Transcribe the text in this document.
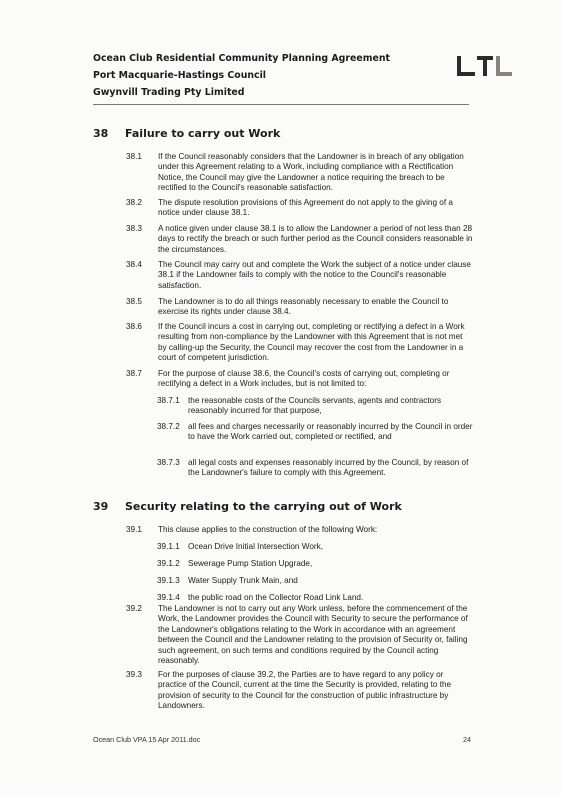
Ocean Club Residential Community Planning Agreement
Port Macquarie-Hastings Council
Gwynvill Trading Pty Limited
38 Failure to carry out Work
38.1 If the Council reasonably considers that the Landowner is in breach of any obligation under this Agreement relating to a Work, including compliance with a Rectification Notice, the Council may give the Landowner a notice requiring the breach to be rectified to the Council's reasonable satisfaction.
38.2 The dispute resolution provisions of this Agreement do not apply to the giving of a notice under clause 38.1.
38.3 A notice given under clause 38.1 is to allow the Landowner a period of not less than 28 days to rectify the breach or such further period as the Council considers reasonable in the circumstances.
38.4 The Council may carry out and complete the Work the subject of a notice under clause 38.1 if the Landowner fails to comply with the notice to the Council's reasonable satisfaction.
38.5 The Landowner is to do all things reasonably necessary to enable the Council to exercise its rights under clause 38.4.
38.6 If the Council incurs a cost in carrying out, completing or rectifying a defect in a Work resulting from non-compliance by the Landowner with this Agreement that is not met by calling-up the Security, the Council may recover the cost from the Landowner in a court of competent jurisdiction.
38.7 For the purpose of clause 38.6, the Council's costs of carrying out, completing or rectifying a defect in a Work includes, but is not limited to:
38.7.1 the reasonable costs of the Councils servants, agents and contractors reasonably incurred for that purpose,
38.7.2 all fees and charges necessarily or reasonably incurred by the Council in order to have the Work carried out, completed or rectified, and
38.7.3 all legal costs and expenses reasonably incurred by the Council, by reason of the Landowner's failure to comply with this Agreement.
39 Security relating to the carrying out of Work
39.1 This clause applies to the construction of the following Work:
39.1.1 Ocean Drive Initial Intersection Work,
39.1.2 Sewerage Pump Station Upgrade,
39.1.3 Water Supply Trunk Main, and
39.1.4 the public road on the Collector Road Link Land.
39.2 The Landowner is not to carry out any Work unless, before the commencement of the Work, the Landowner provides the Council with Security to secure the performance of the Landowner's obligations relating to the Work in accordance with an agreement between the Council and the Landowner relating to the provision of Security or, failing such agreement, on such terms and conditions required by the Council acting reasonably.
39.3 For the purposes of clause 39.2, the Parties are to have regard to any policy or practice of the Council, current at the time the Security is provided, relating to the provision of security to the Council for the construction of public infrastructure by Landowners.
Ocean Club VPA 15 Apr 2011.doc	24
